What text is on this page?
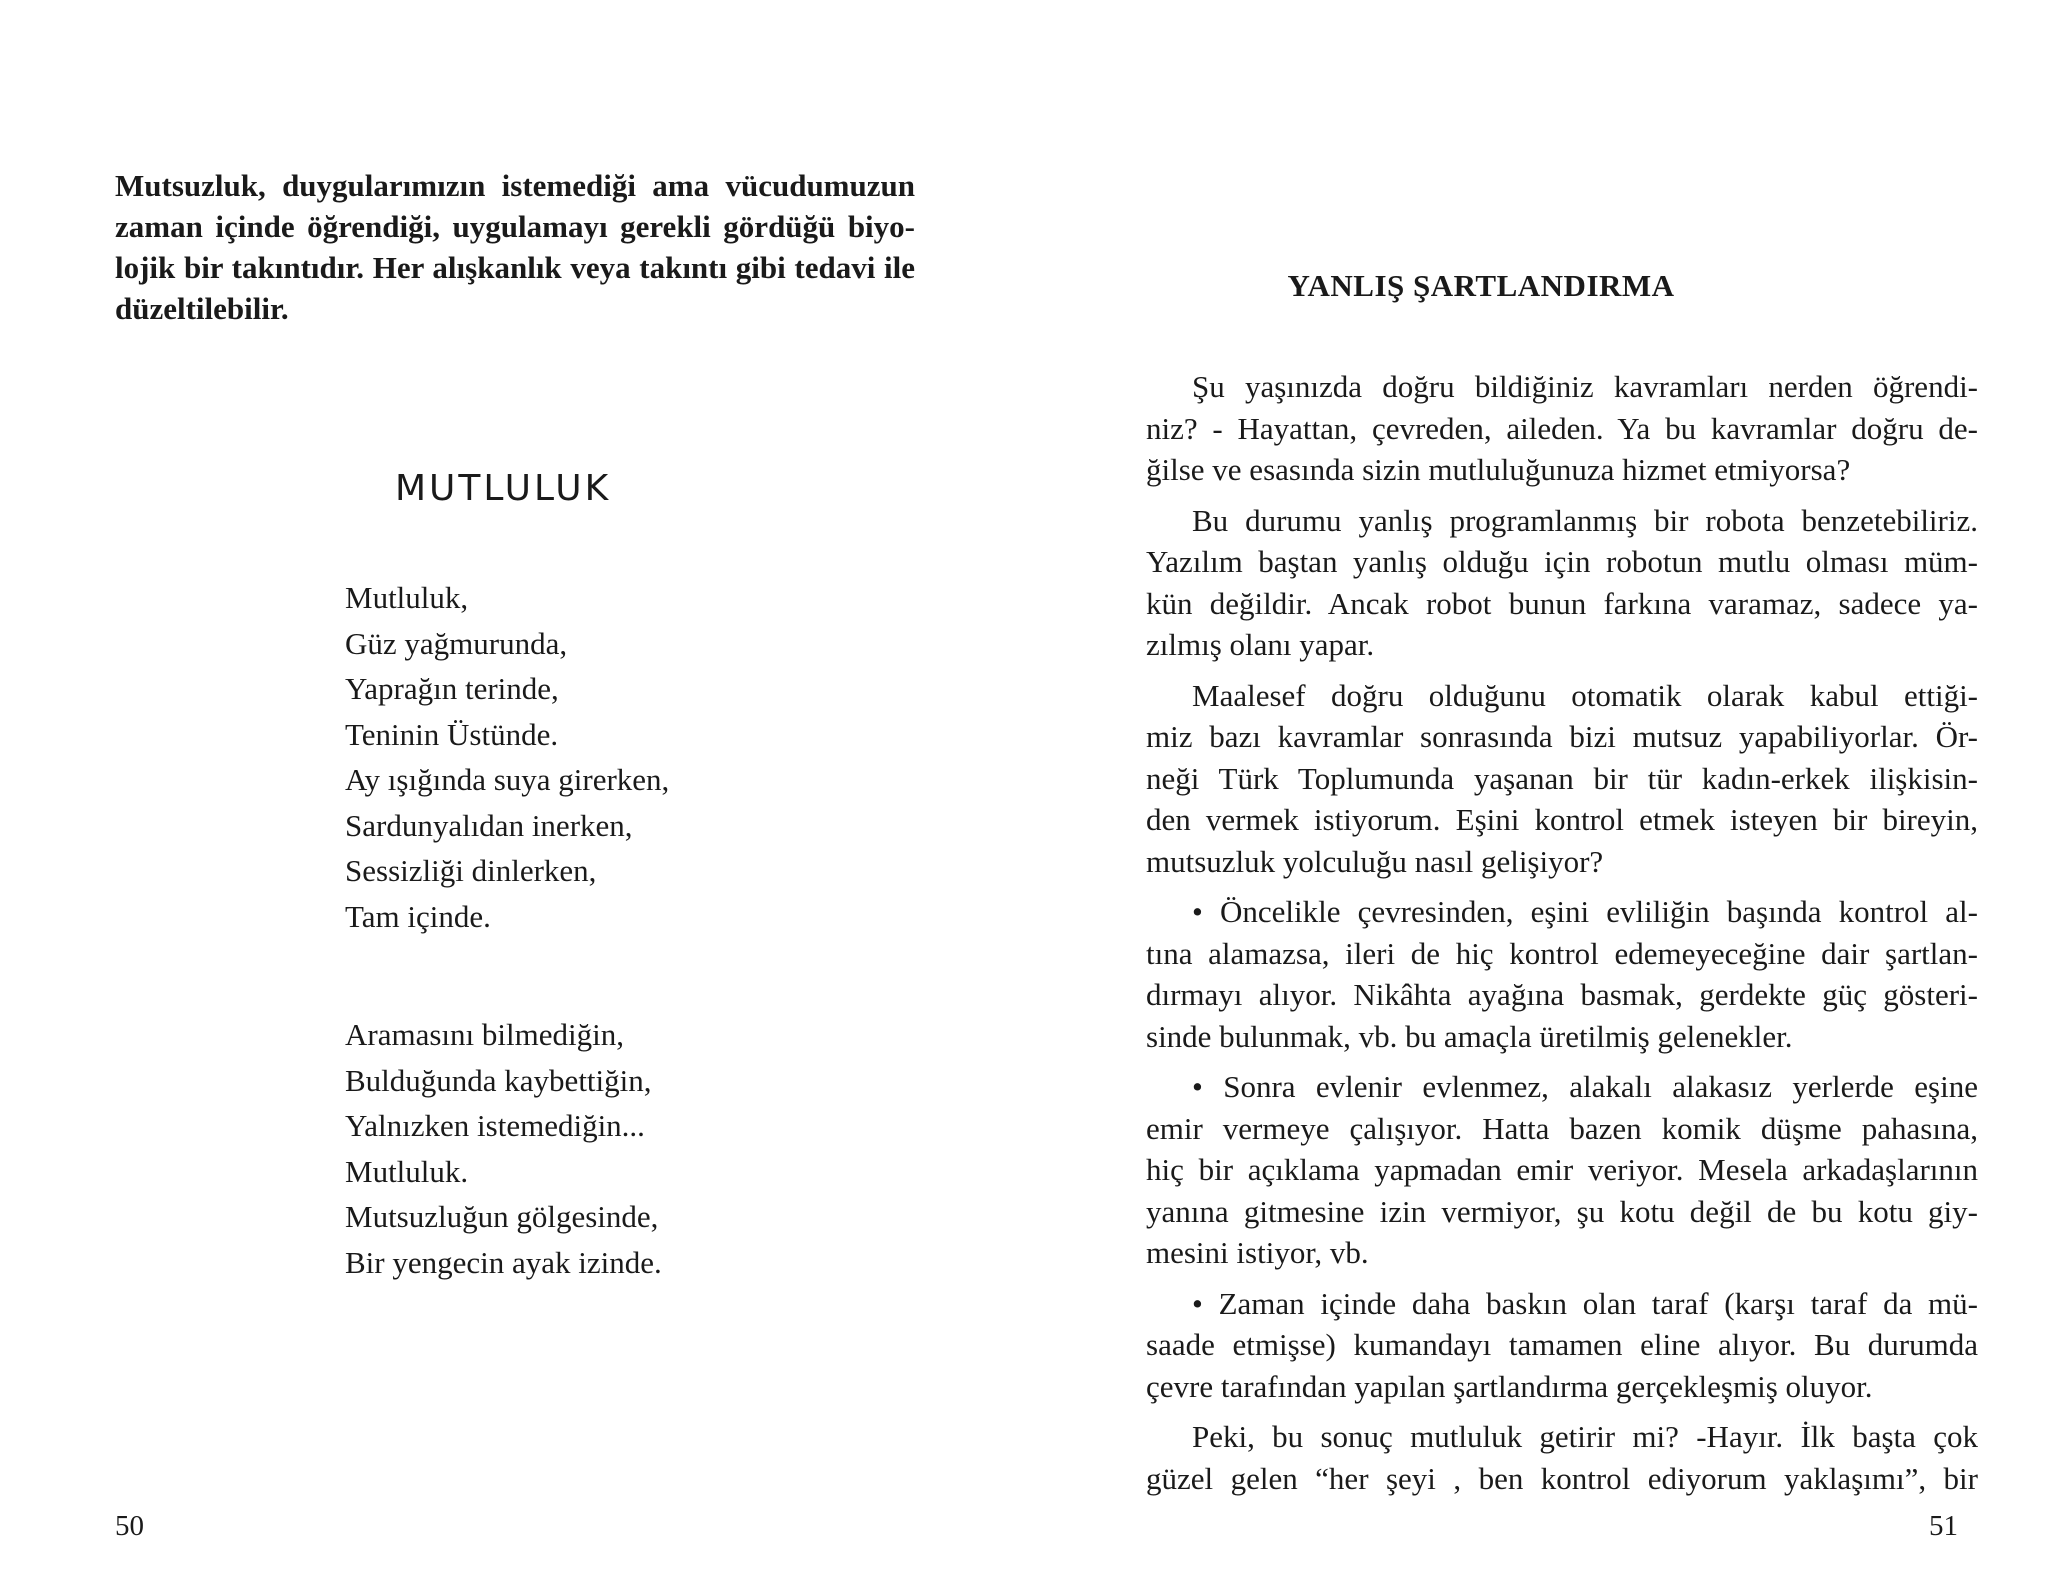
Mutsuzluk, duygularımızın istemediği ama vücudumuzun
zaman içinde öğrendiği, uygulamayı gerekli gördüğü biyo-
lojik bir takıntıdır. Her alışkanlık veya takıntı gibi tedavi ile
düzeltilebilir.
MUTLULUK
Mutluluk,
Güz yağmurunda,
Yaprağın terinde,
Teninin Üstünde.
Ay ışığında suya girerken,
Sardunyalıdan inerken,
Sessizliği dinlerken,
Tam içinde.
Aramasını bilmediğin,
Bulduğunda kaybettiğin,
Yalnızken istemediğin...
Mutluluk.
Mutsuzluğun gölgesinde,
Bir yengecin ayak izinde.
50
YANLIŞ ŞARTLANDIRMA
Şu yaşınızda doğru bildiğiniz kavramları nerden öğrendi-
niz? - Hayattan, çevreden, aileden. Ya bu kavramlar doğru de-
ğilse ve esasında sizin mutluluğunuza hizmet etmiyorsa?
Bu durumu yanlış programlanmış bir robota benzetebiliriz.
Yazılım baştan yanlış olduğu için robotun mutlu olması müm-
kün değildir. Ancak robot bunun farkına varamaz, sadece ya-
zılmış olanı yapar.
Maalesef doğru olduğunu otomatik olarak kabul ettiği-
miz bazı kavramlar sonrasında bizi mutsuz yapabiliyorlar. Ör-
neği Türk Toplumunda yaşanan bir tür kadın-erkek ilişkisin-
den vermek istiyorum. Eşini kontrol etmek isteyen bir bireyin,
mutsuzluk yolculuğu nasıl gelişiyor?
• Öncelikle çevresinden, eşini evliliğin başında kontrol al-
tına alamazsa, ileri de hiç kontrol edemeyeceğine dair şartlan-
dırmayı alıyor. Nikâhta ayağına basmak, gerdekte güç gösteri-
sinde bulunmak, vb. bu amaçla üretilmiş gelenekler.
• Sonra evlenir evlenmez, alakalı alakasız yerlerde eşine
emir vermeye çalışıyor. Hatta bazen komik düşme pahasına,
hiç bir açıklama yapmadan emir veriyor. Mesela arkadaşlarının
yanına gitmesine izin vermiyor, şu kotu değil de bu kotu giy-
mesini istiyor, vb.
• Zaman içinde daha baskın olan taraf (karşı taraf da mü-
saade etmişse) kumandayı tamamen eline alıyor. Bu durumda
çevre tarafından yapılan şartlandırma gerçekleşmiş oluyor.
Peki, bu sonuç mutluluk getirir mi? -Hayır. İlk başta çok
güzel gelen “her şeyi , ben kontrol ediyorum yaklaşımı”, bir
51
